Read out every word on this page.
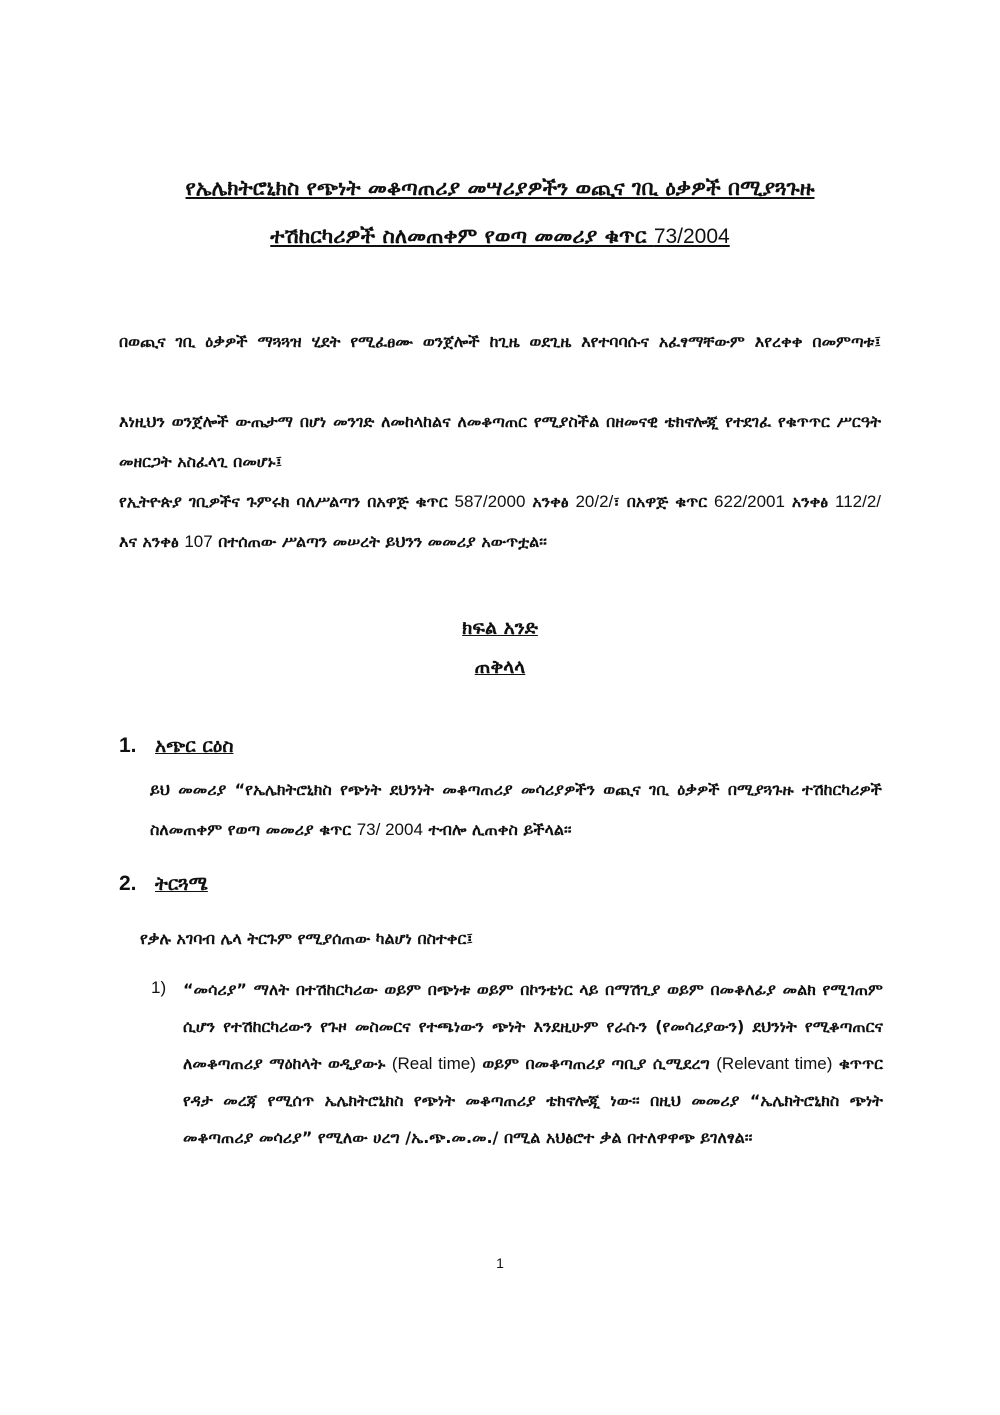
የኤሌክትሮኒክስ የጭነት መቆጣጠሪያ መሣሪያዎችን ወጪና ገቢ ዕቃዎች በሚያጓጉዙ
ተሽከርካሪዎች ስለመጠቀም የወጣ መመሪያ ቁጥር 73/2004

በወጪና ገቢ ዕቃዎች ማጓጓዝ ሂደት የሚፈፀሙ ወንጀሎች ከጊዜ ወደጊዜ እየተባባሱና አፈፃማቸውም እየረቀቀ በመምጣቱ፤

እነዚህን ወንጀሎች ውጤታማ በሆነ መንገድ ለመከላከልና ለመቆጣጠር የሚያስችል በዘመናዊ ቴክኖሎጂ የተደገፈ የቁጥጥር ሥርዓት መዘርጋት አስፈላጊ በመሆኑ፤

የኢትዮጵያ ገቢዎችና ጉምሩክ ባለሥልጣን በአዋጅ ቁጥር 587/2000 አንቀፅ 20/2/፣ በአዋጅ ቁጥር 622/2001 አንቀፅ 112/2/ እና አንቀፅ 107 በተሰጠው ሥልጣን መሠረት ይህንን መመሪያ አውጥቷል፡፡

ክፍል አንድ
ጠቅላላ
1. አጭር ርዕስ

ይህ መመሪያ “የኤሌክትሮኒክስ የጭነት ደህንነት መቆጣጠሪያ መሳሪያዎችን ወጪና ገቢ ዕቃዎች በሚያጓጉዙ ተሽከርካሪዎች ስለመጠቀም የወጣ መመሪያ ቁጥር 73/ 2004 ተብሎ ሊጠቀስ ይችላል፡፡

2. ትርጓሜ

የቃሉ አገባብ ሌላ ትርጉም የሚያሰጠው ካልሆነ በስተቀር፤

1) “መሳሪያ” ማለት በተሽከርካሪው ወይም በጭነቱ ወይም በኮንቴነር ላይ በማሽጊያ ወይም በመቆለፊያ መልክ የሚገጠም ሲሆን የተሽከርካሪውን የጉዞ መስመርና የተጫነውን ጭነት እንደዚሁም የራሱን (የመሳሪያውን) ደህንነት የሚቆጣጠርና ለመቆጣጠሪያ ማዕከላት ወዲያውኑ (Real time) ወይም በመቆጣጠሪያ ጣቢያ ሲሚደረግ (Relevant time) ቁጥጥር የዳታ መረጃ የሚሰጥ ኤሌክትሮኒክስ የጭነት መቆጣጠሪያ ቴክኖሎጂ ነው፡፡ በዚህ መመሪያ “ኤሌክትሮኒክስ ጭነት መቆጣጠሪያ መሳሪያ” የሚለው ሀረግ /ኤ.ጭ.መ.መ./ በሚል አህፅሮተ ቃል በተለዋዋጭ ይገለፃል፡፡

1
